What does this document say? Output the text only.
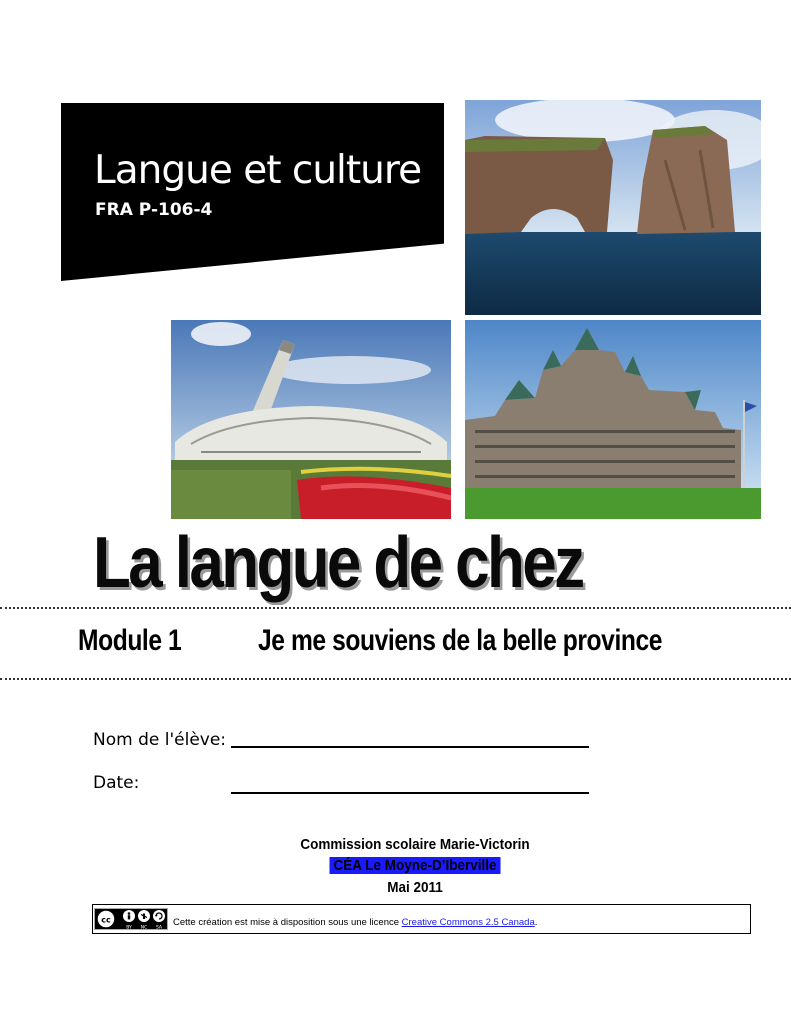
Langue et culture
FRA P-106-4
La langue de chez
Module 1	Je me souviens de la belle province
Nom de l'élève:
Date:
Commission scolaire Marie-Victorin
CÉA Le Moyne-D’Iberville
Mai 2011
cc
BY NC SA Cette création est mise à disposition sous une licence Creative Commons 2.5 Canada.
